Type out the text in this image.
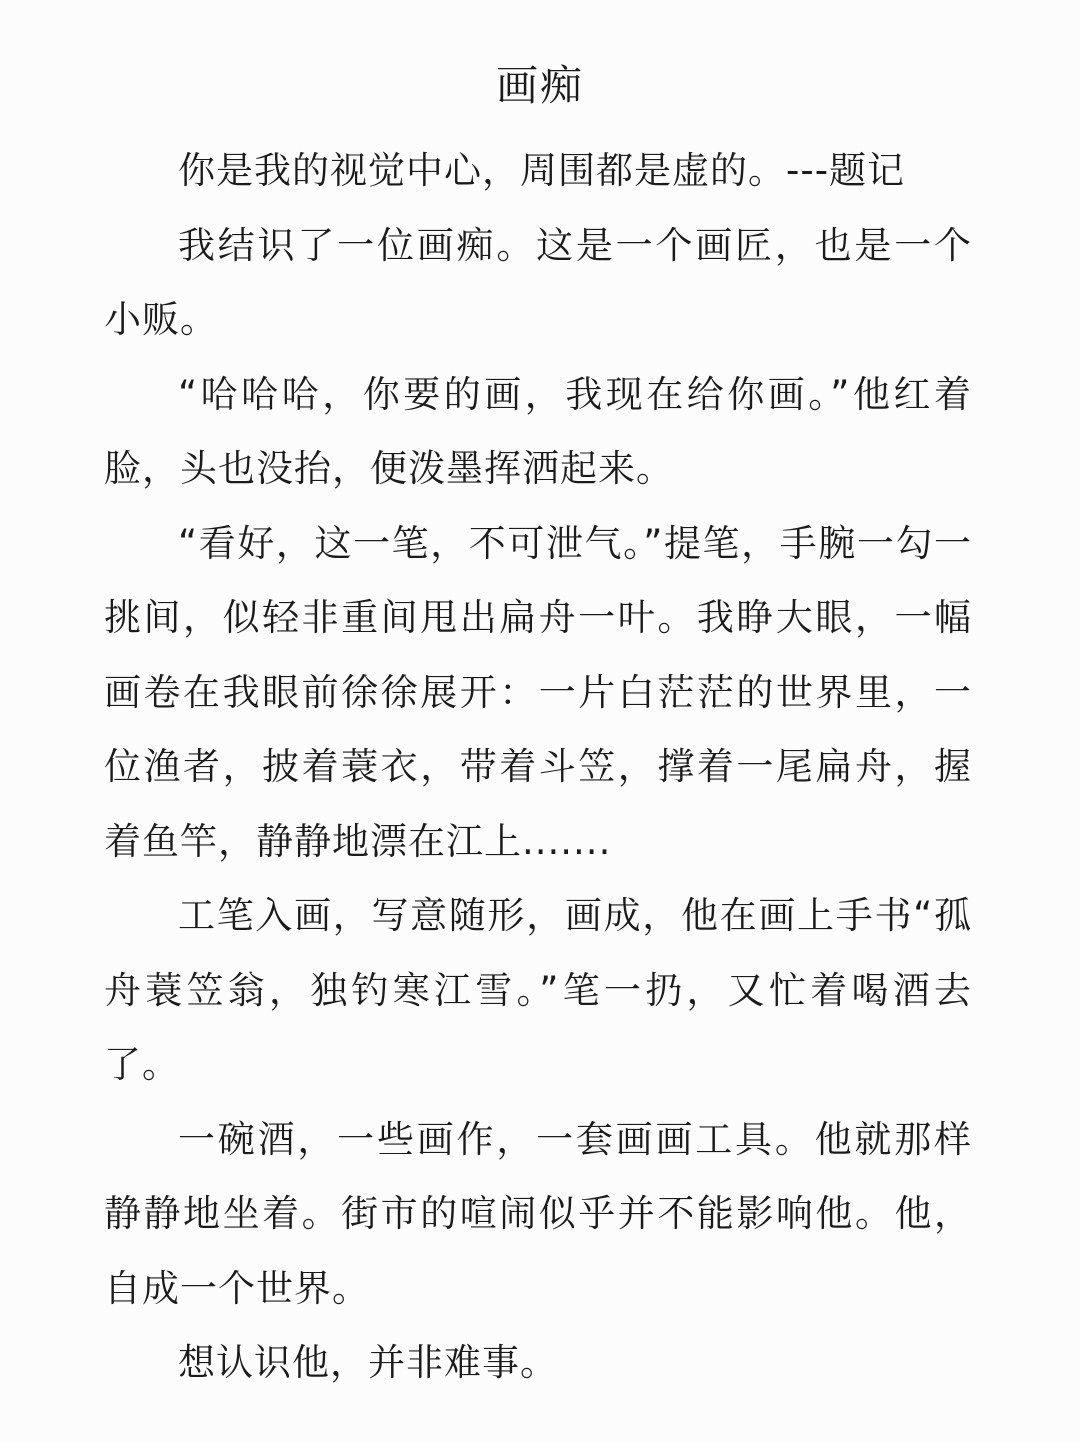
画痴

你是我的视觉中心，周围都是虚的。---题记

我结识了一位画痴。这是一个画匠，也是一个小贩。

“哈哈哈，你要的画，我现在给你画。”他红着脸，头也没抬，便泼墨挥洒起来。

“看好，这一笔，不可泄气。”提笔，手腕一勾一挑间，似轻非重间甩出扁舟一叶。我睁大眼，一幅画卷在我眼前徐徐展开：一片白茫茫的世界里，一位渔者，披着蓑衣，带着斗笠，撑着一尾扁舟，握着鱼竿，静静地漂在江上.......

工笔入画，写意随形，画成，他在画上手书“孤舟蓑笠翁，独钓寒江雪。”笔一扔，又忙着喝酒去了。

一碗酒，一些画作，一套画画工具。他就那样静静地坐着。街市的喧闹似乎并不能影响他。他，自成一个世界。

想认识他，并非难事。
